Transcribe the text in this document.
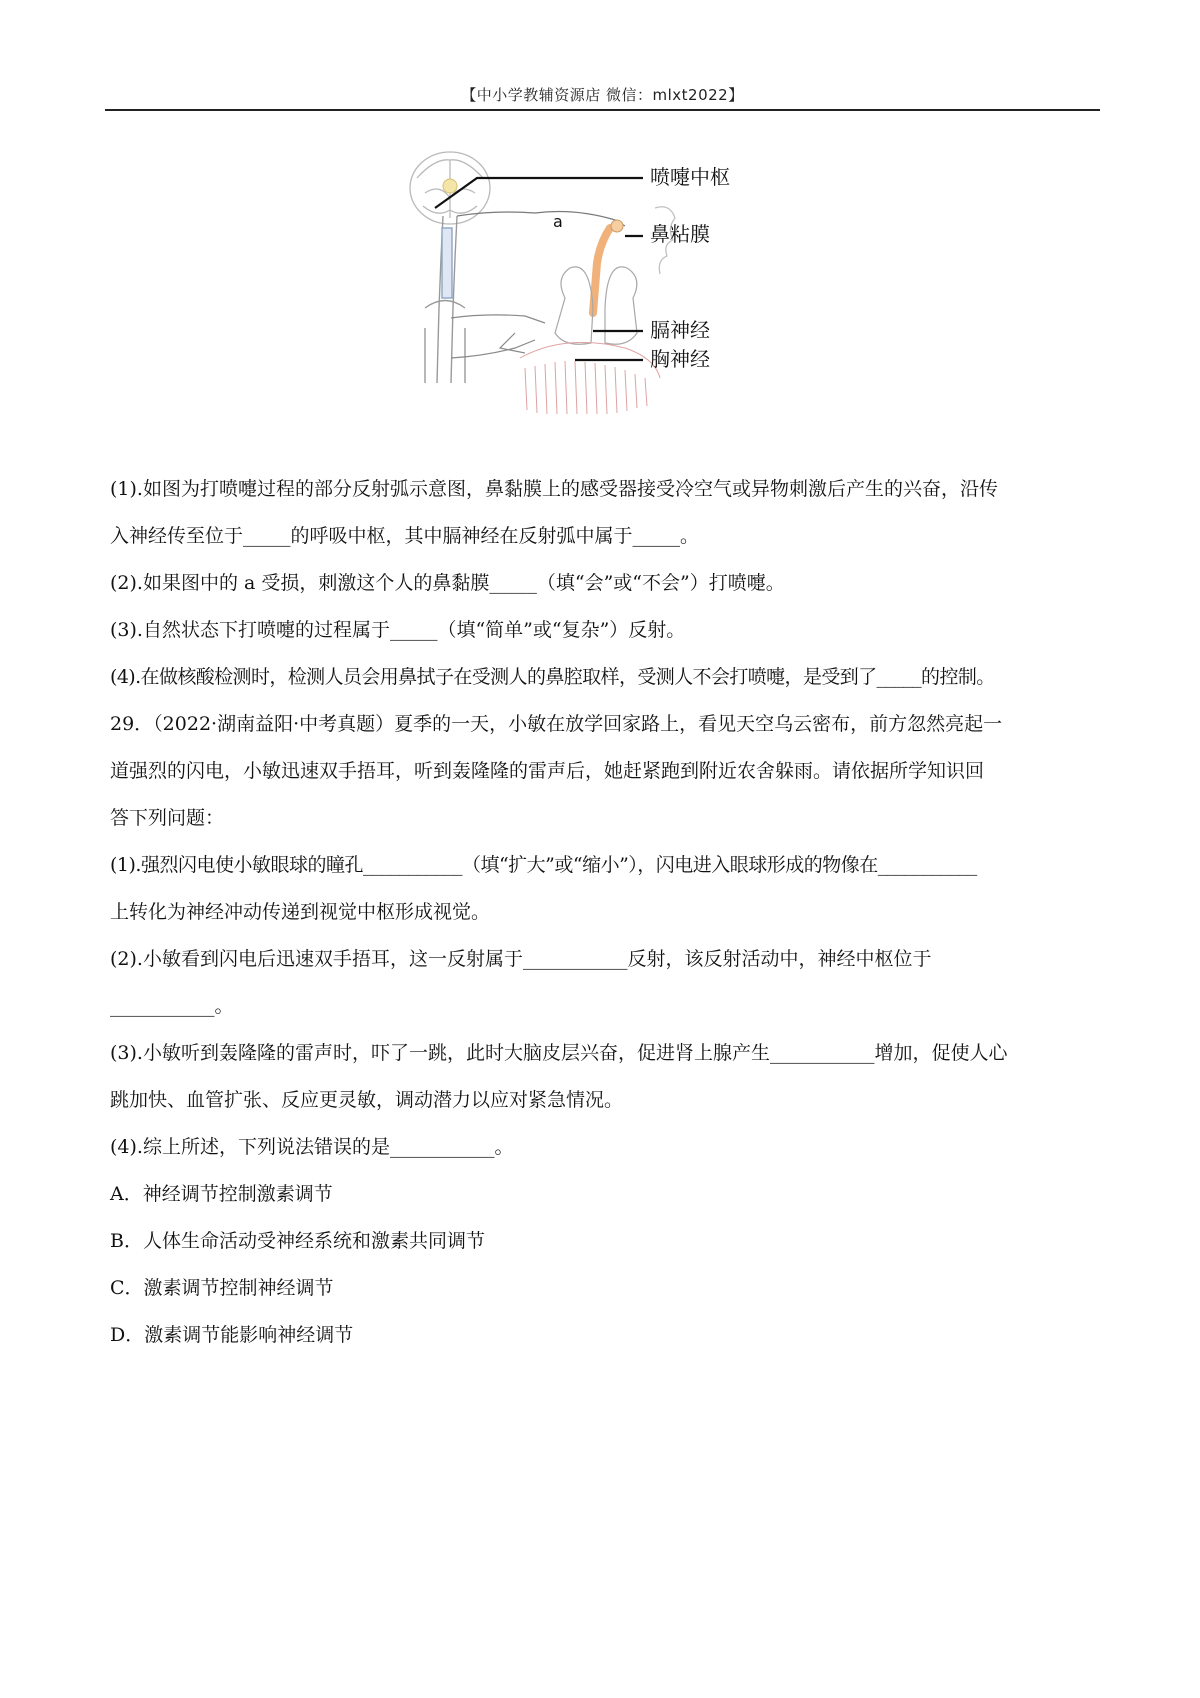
【中小学教辅资源店 微信：mlxt2022】
喷嚏中枢
鼻粘膜
膈神经
胸神经
a
(1).如图为打喷嚏过程的部分反射弧示意图，鼻黏膜上的感受器接受冷空气或异物刺激后产生的兴奋，沿传
入神经传至位于_____的呼吸中枢，其中膈神经在反射弧中属于_____。
(2).如果图中的 a 受损，刺激这个人的鼻黏膜_____（填“会”或“不会”）打喷嚏。
(3).自然状态下打喷嚏的过程属于_____（填“简单”或“复杂”）反射。
(4).在做核酸检测时，检测人员会用鼻拭子在受测人的鼻腔取样，受测人不会打喷嚏，是受到了_____的控制。
29．（2022·湖南益阳·中考真题）夏季的一天，小敏在放学回家路上，看见天空乌云密布，前方忽然亮起一
道强烈的闪电，小敏迅速双手捂耳，听到轰隆隆的雷声后，她赶紧跑到附近农舍躲雨。请依据所学知识回
答下列问题：
(1).强烈闪电使小敏眼球的瞳孔___________（填“扩大”或“缩小”），闪电进入眼球形成的物像在___________
上转化为神经冲动传递到视觉中枢形成视觉。
(2).小敏看到闪电后迅速双手捂耳，这一反射属于___________反射，该反射活动中，神经中枢位于
___________。
(3).小敏听到轰隆隆的雷声时，吓了一跳，此时大脑皮层兴奋，促进肾上腺产生___________增加，促使人心
跳加快、血管扩张、反应更灵敏，调动潜力以应对紧急情况。
(4).综上所述，下列说法错误的是___________。
A．神经调节控制激素调节
B．人体生命活动受神经系统和激素共同调节
C．激素调节控制神经调节
D．激素调节能影响神经调节
